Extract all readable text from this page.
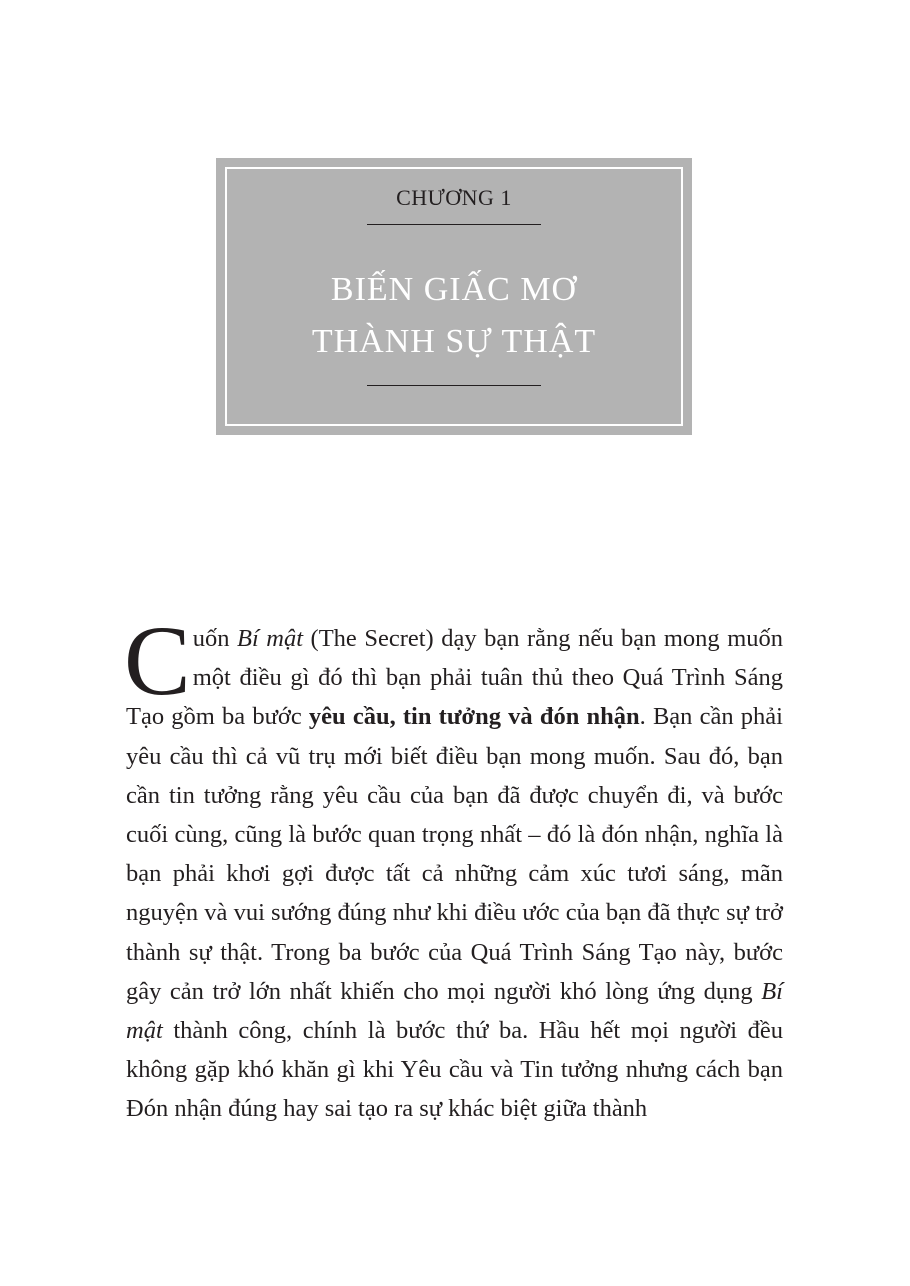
CHƯƠNG 1
BIẾN GIẤC MƠ
THÀNH SỰ THẬT
Cuốn Bí mật (The Secret) dạy bạn rằng nếu bạn mong muốn một điều gì đó thì bạn phải tuân thủ theo Quá Trình Sáng Tạo gồm ba bước yêu cầu, tin tưởng và đón nhận. Bạn cần phải yêu cầu thì cả vũ trụ mới biết điều bạn mong muốn. Sau đó, bạn cần tin tưởng rằng yêu cầu của bạn đã được chuyển đi, và bước cuối cùng, cũng là bước quan trọng nhất – đó là đón nhận, nghĩa là bạn phải khơi gợi được tất cả những cảm xúc tươi sáng, mãn nguyện và vui sướng đúng như khi điều ước của bạn đã thực sự trở thành sự thật. Trong ba bước của Quá Trình Sáng Tạo này, bước gây cản trở lớn nhất khiến cho mọi người khó lòng ứng dụng Bí mật thành công, chính là bước thứ ba. Hầu hết mọi người đều không gặp khó khăn gì khi Yêu cầu và Tin tưởng nhưng cách bạn Đón nhận đúng hay sai tạo ra sự khác biệt giữa thành
